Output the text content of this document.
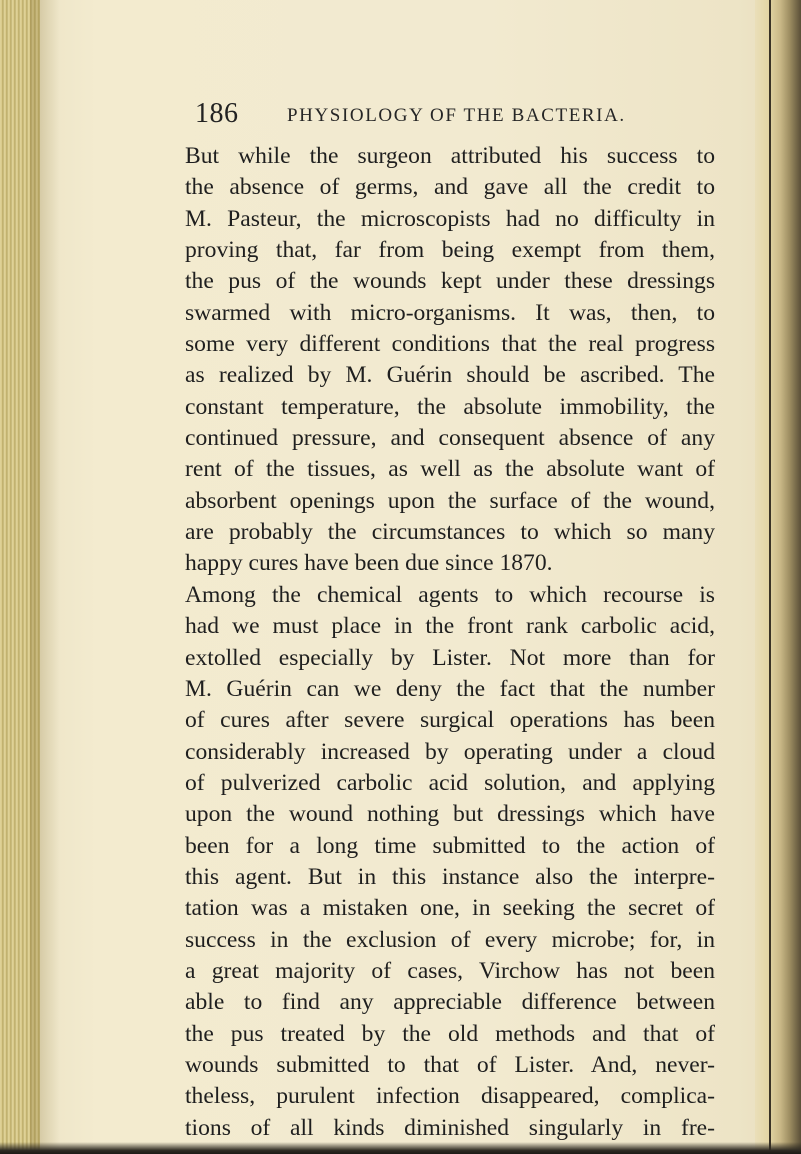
186	PHYSIOLOGY OF THE BACTERIA.
But while the surgeon attributed his success to
the absence of germs, and gave all the credit to
M. Pasteur, the microscopists had no difficulty in
proving that, far from being exempt from them,
the pus of the wounds kept under these dressings
swarmed with micro-organisms. It was, then, to
some very different conditions that the real progress
as realized by M. Guérin should be ascribed. The
constant temperature, the absolute immobility, the
continued pressure, and consequent absence of any
rent of the tissues, as well as the absolute want of
absorbent openings upon the surface of the wound,
are probably the circumstances to which so many
happy cures have been due since 1870.
Among the chemical agents to which recourse is
had we must place in the front rank carbolic acid,
extolled especially by Lister. Not more than for
M. Guérin can we deny the fact that the number
of cures after severe surgical operations has been
considerably increased by operating under a cloud
of pulverized carbolic acid solution, and applying
upon the wound nothing but dressings which have
been for a long time submitted to the action of
this agent. But in this instance also the interpre-
tation was a mistaken one, in seeking the secret of
success in the exclusion of every microbe; for, in
a great majority of cases, Virchow has not been
able to find any appreciable difference between
the pus treated by the old methods and that of
wounds submitted to that of Lister. And, never-
theless, purulent infection disappeared, complica-
tions of all kinds diminished singularly in fre-
